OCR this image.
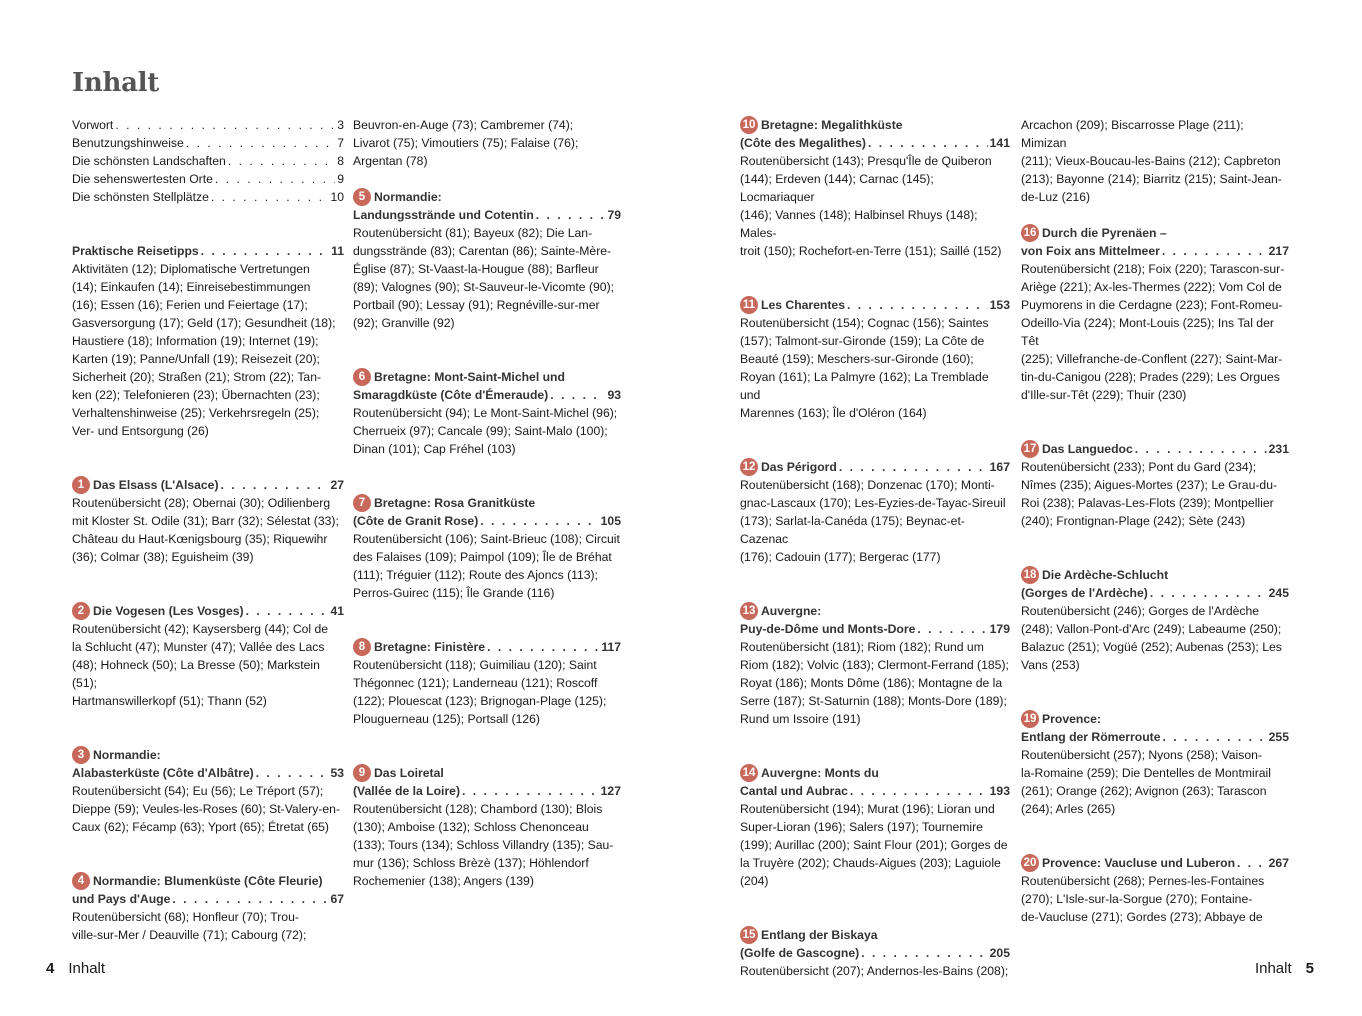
Inhalt
Vorwort . . .	3
Benutzungshinweise . . .	7
Die schönsten Landschaften . . .	8
Die sehenswertesten Orte . . .	9
Die schönsten Stellplätze . . .	10
Praktische Reisetipps . . .	11
Aktivitäten (12); Diplomatische Vertretungen
(14); Einkaufen (14); Einreisebestimmungen
(16); Essen (16); Ferien und Feiertage (17);
Gasversorgung (17); Geld (17); Gesundheit (18);
Haustiere (18); Information (19); Internet (19);
Karten (19); Panne/Unfall (19); Reisezeit (20);
Sicherheit (20); Straßen (21); Strom (22); Tan-
ken (22); Telefonieren (23); Übernachten (23);
Verhaltenshinweise (25); Verkehrsregeln (25);
Ver- und Entsorgung (26)
1 Das Elsass (L'Alsace) . . .	27
Routenübersicht (28); Obernai (30); Odilienberg
mit Kloster St. Odile (31); Barr (32); Sélestat (33);
Château du Haut-Kœnigsbourg (35); Riquewihr
(36); Colmar (38); Eguisheim (39)
2 Die Vogesen (Les Vosges) . . .	41
Routenübersicht (42); Kaysersberg (44); Col de
la Schlucht (47); Munster (47); Vallée des Lacs
(48); Hohneck (50); La Bresse (50); Markstein (51);
Hartmanswillerkopf (51); Thann (52)
3 Normandie:
Alabasterküste (Côte d'Albâtre) . . .	53
Routenübersicht (54); Eu (56); Le Tréport (57);
Dieppe (59); Veules-les-Roses (60); St-Valery-en-
Caux (62); Fécamp (63); Yport (65); Étretat (65)
4 Normandie: Blumenküste (Côte Fleurie)
und Pays d'Auge . . .	67
Routenübersicht (68); Honfleur (70); Trou-
ville-sur-Mer / Deauville (71); Cabourg (72);
Beuvron-en-Auge (73); Cambremer (74);
Livarot (75); Vimoutiers (75); Falaise (76);
Argentan (78)
5 Normandie:
Landungsstrände und Cotentin . . .	79
Routenübersicht (81); Bayeux (82); Die Lan-
dungsstrände (83); Carentan (86); Sainte-Mère-
Église (87); St-Vaast-la-Hougue (88); Barfleur
(89); Valognes (90); St-Sauveur-le-Vicomte (90);
Portbail (90); Lessay (91); Regnéville-sur-mer
(92); Granville (92)
6 Bretagne: Mont-Saint-Michel und
Smaragdküste (Côte d'Émeraude) . . .	93
Routenübersicht (94); Le Mont-Saint-Michel (96);
Cherrueix (97); Cancale (99); Saint-Malo (100);
Dinan (101); Cap Fréhel (103)
7 Bretagne: Rosa Granitküste
(Côte de Granit Rose) . . .	105
Routenübersicht (106); Saint-Brieuc (108); Circuit
des Falaises (109); Paimpol (109); Île de Bréhat
(111); Tréguier (112); Route des Ajoncs (113);
Perros-Guirec (115); Île Grande (116)
8 Bretagne: Finistère . . .	117
Routenübersicht (118); Guimiliau (120); Saint
Thégonnec (121); Landerneau (121); Roscoff
(122); Plouescat (123); Brignogan-Plage (125);
Plouguerneau (125); Portsall (126)
9 Das Loiretal
(Vallée de la Loire) . . .	127
Routenübersicht (128); Chambord (130); Blois
(130); Amboise (132); Schloss Chenonceau
(133); Tours (134); Schloss Villandry (135); Sau-
mur (136); Schloss Brèzè (137); Höhlendorf
Rochemenier (138); Angers (139)
10 Bretagne: Megalithküste
(Côte des Megalithes) . . .	141
Routenübersicht (143); Presqu'Île de Quiberon
(144); Erdeven (144); Carnac (145); Locmariaquer
(146); Vannes (148); Halbinsel Rhuys (148); Males-
troit (150); Rochefort-en-Terre (151); Saillé (152)
11 Les Charentes . . .	153
Routenübersicht (154); Cognac (156); Saintes
(157); Talmont-sur-Gironde (159); La Côte de
Beauté (159); Meschers-sur-Gironde (160);
Royan (161); La Palmyre (162); La Tremblade und
Marennes (163); Île d'Oléron (164)
12 Das Périgord . . .	167
Routenübersicht (168); Donzenac (170); Monti-
gnac-Lascaux (170); Les-Eyzies-de-Tayac-Sireuil
(173); Sarlat-la-Canéda (175); Beynac-et-Cazenac
(176); Cadouin (177); Bergerac (177)
13 Auvergne:
Puy-de-Dôme und Monts-Dore . . .	179
Routenübersicht (181); Riom (182); Rund um
Riom (182); Volvic (183); Clermont-Ferrand (185);
Royat (186); Monts Dôme (186); Montagne de la
Serre (187); St-Saturnin (188); Monts-Dore (189);
Rund um Issoire (191)
14 Auvergne: Monts du
Cantal und Aubrac . . .	193
Routenübersicht (194); Murat (196); Lioran und
Super-Lioran (196); Salers (197); Tournemire
(199); Aurillac (200); Saint Flour (201); Gorges de
la Truyère (202); Chauds-Aigues (203); Laguiole
(204)
15 Entlang der Biskaya
(Golfe de Gascogne) . . .	205
Routenübersicht (207); Andernos-les-Bains (208);
Arcachon (209); Biscarrosse Plage (211); Mimizan
(211); Vieux-Boucau-les-Bains (212); Capbreton
(213); Bayonne (214); Biarritz (215); Saint-Jean-
de-Luz (216)
16 Durch die Pyrenäen –
von Foix ans Mittelmeer . . .	217
Routenübersicht (218); Foix (220); Tarascon-sur-
Ariège (221); Ax-les-Thermes (222); Vom Col de
Puymorens in die Cerdagne (223); Font-Romeu-
Odeillo-Via (224); Mont-Louis (225); Ins Tal der Têt
(225); Villefranche-de-Conflent (227); Saint-Mar-
tin-du-Canigou (228); Prades (229); Les Orgues
d'Ille-sur-Têt (229); Thuir (230)
17 Das Languedoc . . .	231
Routenübersicht (233); Pont du Gard (234);
Nîmes (235); Aigues-Mortes (237); Le Grau-du-
Roi (238); Palavas-Les-Flots (239); Montpellier
(240); Frontignan-Plage (242); Sète (243)
18 Die Ardèche-Schlucht
(Gorges de l'Ardèche) . . .	245
Routenübersicht (246); Gorges de l'Ardèche
(248); Vallon-Pont-d'Arc (249); Labeaume (250);
Balazuc (251); Vogüé (252); Aubenas (253); Les
Vans (253)
19 Provence:
Entlang der Römerroute . . .	255
Routenübersicht (257); Nyons (258); Vaison-
la-Romaine (259); Die Dentelles de Montmirail
(261); Orange (262); Avignon (263); Tarascon
(264); Arles (265)
20 Provence: Vaucluse und Luberon . . .	267
Routenübersicht (268); Pernes-les-Fontaines
(270); L'Isle-sur-la-Sorgue (270); Fontaine-
de-Vaucluse (271); Gordes (273); Abbaye de
4 Inhalt	Inhalt 5
